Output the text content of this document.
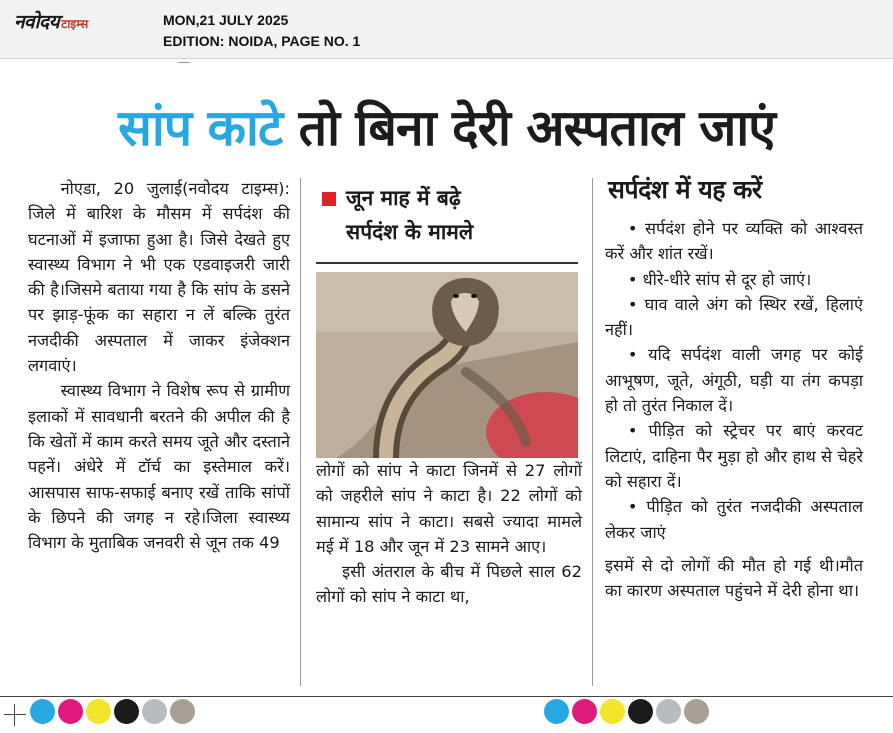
नवोदय टाइम्स	MON,21 JULY 2025
EDITION: NOIDA, PAGE NO. 1
सांप काटे तो बिना देरी अस्पताल जाएं

नोएडा, 20 जुलाई(नवोदय टाइम्स): जिले में बारिश के मौसम में सर्पदंश की घटनाओं में इजाफा हुआ है। जिसे देखते हुए स्वास्थ्य विभाग ने भी एक एडवाइजरी जारी की है।जिसमे बताया गया है कि सांप के डसने पर झाड़-फूंक का सहारा न लें बल्कि तुरंत नजदीकी अस्पताल में जाकर इंजेक्शन लगवाएं।

स्वास्थ्य विभाग ने विशेष रूप से ग्रामीण इलाकों में सावधानी बरतने की अपील की है कि खेतों में काम करते समय जूते और दस्ताने पहनें। अंधेरे में टॉर्च का इस्तेमाल करें। आसपास साफ-सफाई बनाए रखें ताकि सांपों के छिपने की जगह न रहे।जिला स्वास्थ्य विभाग के मुताबिक जनवरी से जून तक 49

जून माह में बढ़े
सर्पदंश के मामले

लोगों को सांप ने काटा जिनमें से 27 लोगों को जहरीले सांप ने काटा है। 22 लोगों को सामान्य सांप ने काटा। सबसे ज्यादा मामले मई में 18 और जून में 23 सामने आए।

इसी अंतराल के बीच में पिछले साल 62 लोगों को सांप ने काटा था,

सर्पदंश में यह करें

• सर्पदंश होने पर व्यक्ति को आश्वस्त करें और शांत रखें।

• धीरे-धीरे सांप से दूर हो जाएं।

• घाव वाले अंग को स्थिर रखें, हिलाएं नहीं।

• यदि सर्पदंश वाली जगह पर कोई आभूषण, जूते, अंगूठी, घड़ी या तंग कपड़ा हो तो तुरंत निकाल दें।

• पीड़ित को स्ट्रेचर पर बाएं करवट लिटाएं, दाहिना पैर मुड़ा हो और हाथ से चेहरे को सहारा दें।

• पीड़ित को तुरंत नजदीकी अस्पताल लेकर जाएं

इसमें से दो लोगों की मौत हो गई थी।मौत का कारण अस्पताल पहुंचने में देरी होना था।
